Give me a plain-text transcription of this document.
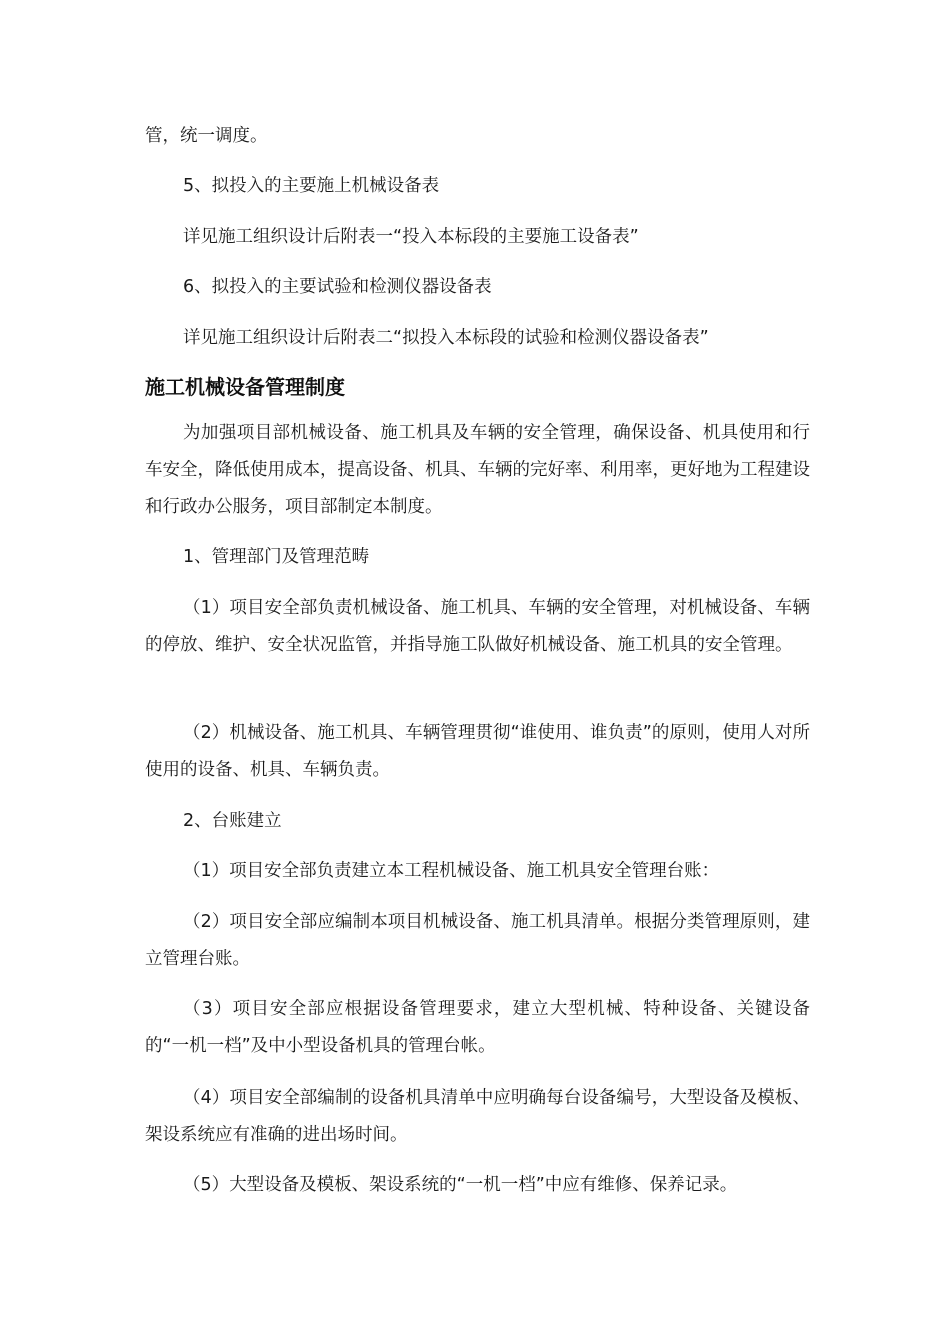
管，统一调度。

5、拟投入的主要施上机械设备表

详见施工组织设计后附表一“投入本标段的主要施工设备表”

6、拟投入的主要试验和检测仪器设备表

详见施工组织设计后附表二“拟投入本标段的试验和检测仪器设备表”

施工机械设备管理制度

为加强项目部机械设备、施工机具及车辆的安全管理，确保设备、机具使用和行车安全，降低使用成本，提高设备、机具、车辆的完好率、利用率，更好地为工程建设和行政办公服务，项目部制定本制度。

1、管理部门及管理范畴

（1）项目安全部负责机械设备、施工机具、车辆的安全管理，对机械设备、车辆的停放、维护、安全状况监管，并指导施工队做好机械设备、施工机具的安全管理。

（2）机械设备、施工机具、车辆管理贯彻“谁使用、谁负责”的原则，使用人对所使用的设备、机具、车辆负责。

2、台账建立

（1）项目安全部负责建立本工程机械设备、施工机具安全管理台账：

（2）项目安全部应编制本项目机械设备、施工机具清单。根据分类管理原则，建立管理台账。

（3）项目安全部应根据设备管理要求，建立大型机械、特种设备、关键设备的“一机一档”及中小型设备机具的管理台帐。

（4）项目安全部编制的设备机具清单中应明确每台设备编号，大型设备及模板、架设系统应有准确的进出场时间。

（5）大型设备及模板、架设系统的“一机一档”中应有维修、保养记录。
